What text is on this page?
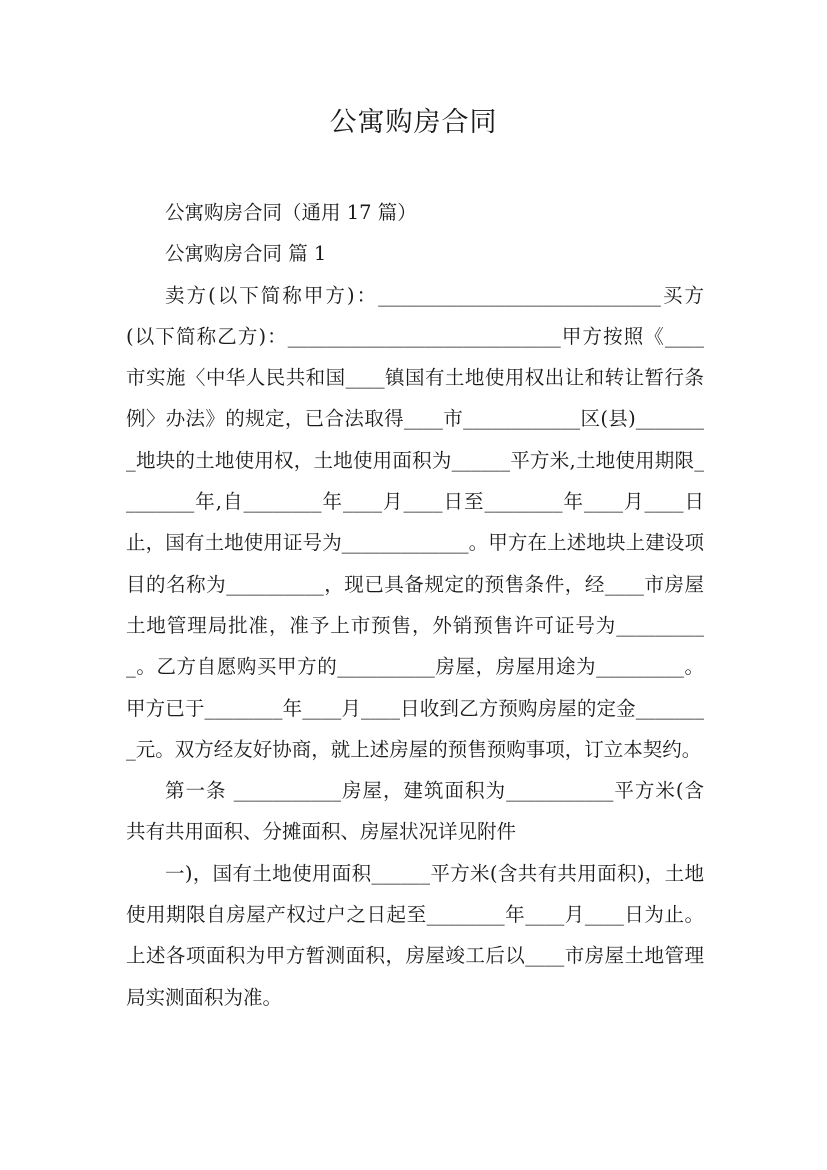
公寓购房合同

公寓购房合同（通用 17 篇）

公寓购房合同 篇 1

卖方(以下简称甲方)：_____________________________买方(以下简称乙方)：____________________________甲方按照《____市实施〈中华人民共和国____镇国有土地使用权出让和转让暂行条例〉办法》的规定，已合法取得____市____________区(县)________地块的土地使用权，土地使用面积为______平方米,土地使用期限________年,自________年____月____日至________年____月____日止，国有土地使用证号为_____________。甲方在上述地块上建设项目的名称为__________，现已具备规定的预售条件，经____市房屋土地管理局批准，准予上市预售，外销预售许可证号为__________。乙方自愿购买甲方的__________房屋，房屋用途为_________。甲方已于________年____月____日收到乙方预购房屋的定金________元。双方经友好协商，就上述房屋的预售预购事项，订立本契约。

第一条 ___________房屋，建筑面积为___________平方米(含共有共用面积、分摊面积、房屋状况详见附件

一)，国有土地使用面积______平方米(含共有共用面积)，土地使用期限自房屋产权过户之日起至________年____月____日为止。上述各项面积为甲方暂测面积，房屋竣工后以____市房屋土地管理局实测面积为准。
